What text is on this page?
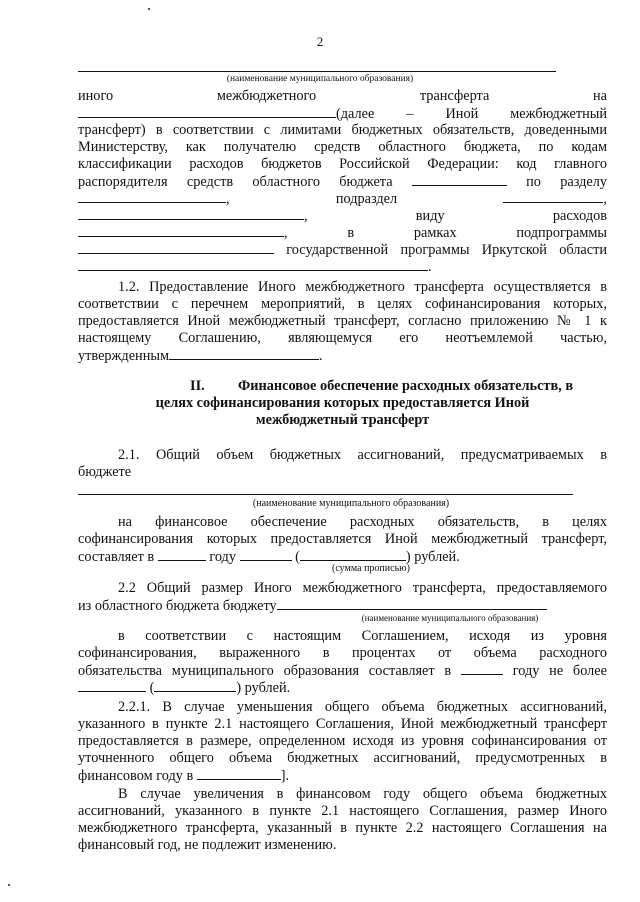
2
(наименование муниципального образования)
иного	межбюджетного	трансферта	на
(далее – Иной межбюджетный
трансферт) в соответствии с лимитами бюджетных обязательств, доведенными
Министерству, как получателю средств областного бюджета, по кодам
классификации расходов бюджетов Российской Федерации: код главного
распорядителя средств областного бюджета	по разделу
,	подраздел	,
,	виду	расходов
,	в	рамках	подпрограммы
государственной программы Иркутской области
.
1.2. Предоставление Иного межбюджетного трансферта осуществляется в
соответствии с перечнем мероприятий, в целях софинансирования которых,
предоставляется Иной межбюджетный трансферт, согласно приложению № 1 к
настоящему Соглашению, являющемуся его неотъемлемой частью,
утвержденным	.
II. Финансовое обеспечение расходных обязательств, в
целях софинансирования которых предоставляется Иной
межбюджетный трансферт
2.1. Общий объем бюджетных ассигнований, предусматриваемых в
бюджете
(наименование муниципального образования)
на финансовое обеспечение расходных обязательств, в целях
софинансирования которых предоставляется Иной межбюджетный трансферт,
составляет в	году	(	) рублей.
(сумма прописью)
2.2 Общий размер Иного межбюджетного трансферта, предоставляемого
из областного бюджета бюджету
(наименование муниципального образования)
в соответствии с настоящим Соглашением, исходя из уровня
софинансирования, выраженного в процентах от объема расходного
обязательства муниципального образования составляет в	году не более
(	) рублей.
2.2.1. В случае уменьшения общего объема бюджетных ассигнований,
указанного в пункте 2.1 настоящего Соглашения, Иной межбюджетный трансферт
предоставляется в размере, определенном исходя из уровня софинансирования от
уточненного общего объема бюджетных ассигнований, предусмотренных в
финансовом году в	].
В случае увеличения в финансовом году общего объема бюджетных
ассигнований, указанного в пункте 2.1 настоящего Соглашения, размер Иного
межбюджетного трансферта, указанный в пункте 2.2 настоящего Соглашения на
финансовый год, не подлежит изменению.
